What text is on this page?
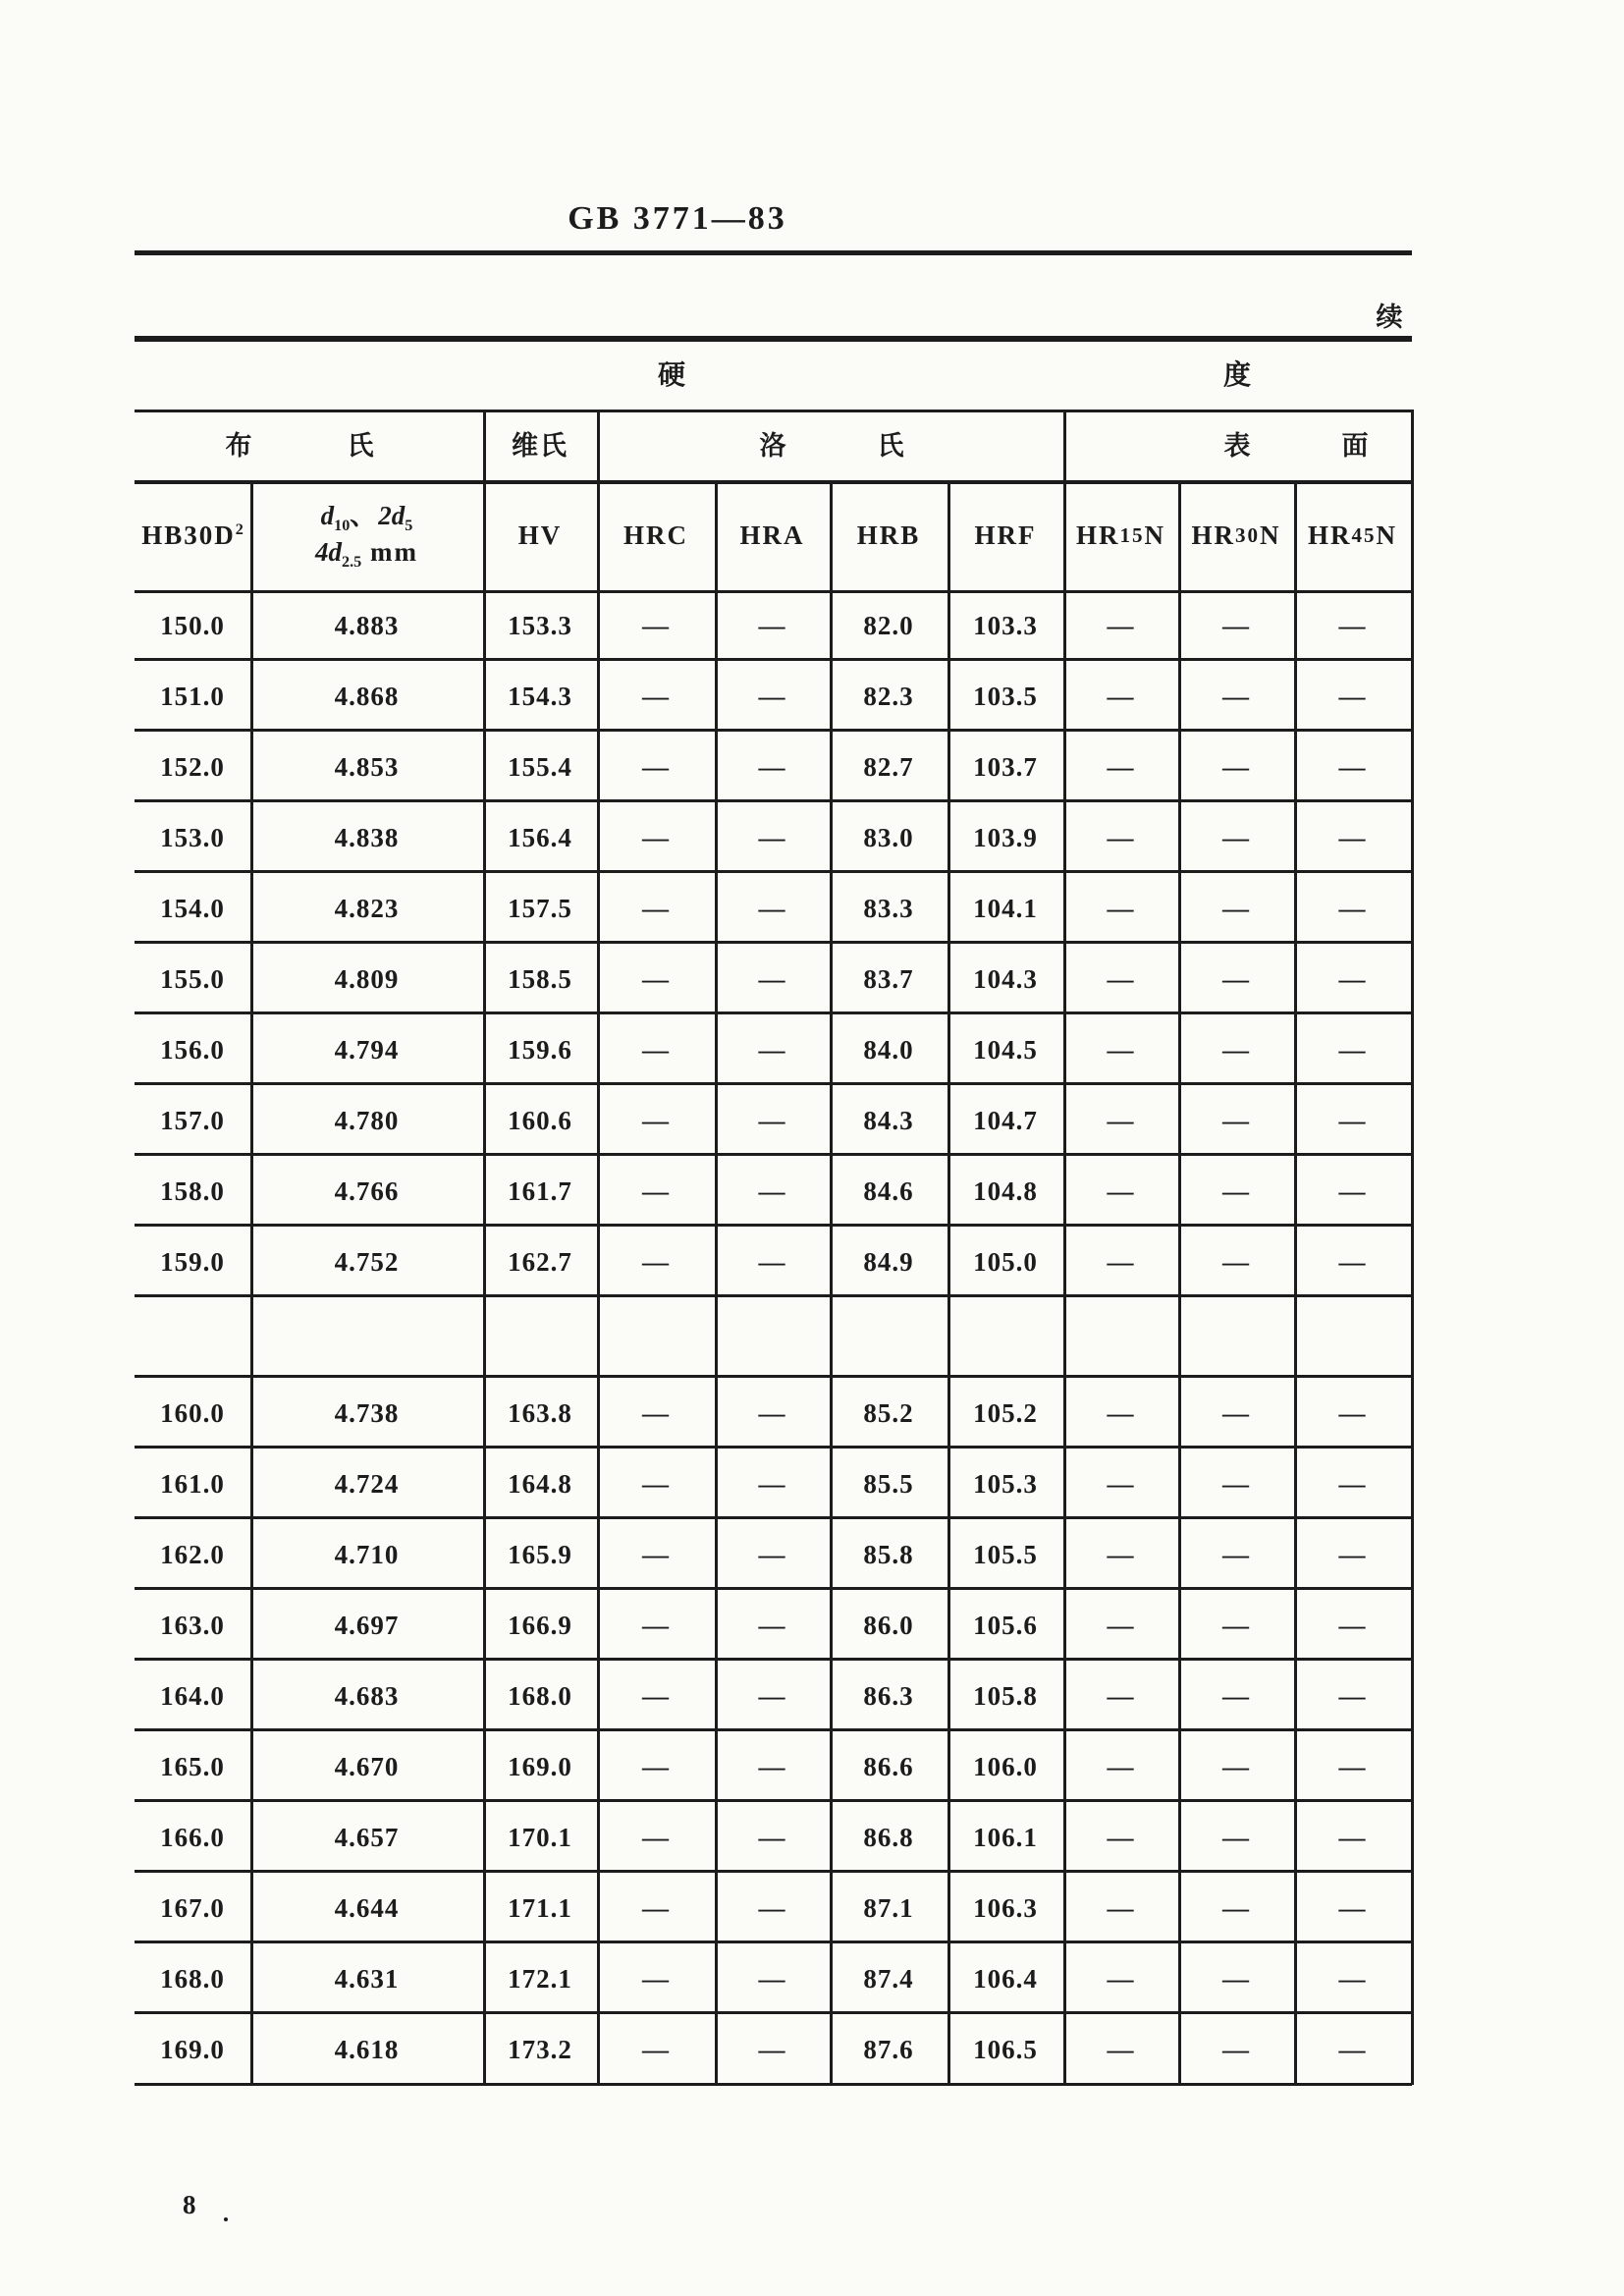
GB 3771—83
续
硬	度
布	氏	维氏	洛	氏	表	面
$HB30D^2$	$d_{10}$、$2d_5$
$4d_{2.5}$ mm
HV HRC HRA HRB HRF HR15N HR30N HR45N
150.0	4.883	153.3	—	—	82.0	103.3	—	—	—
151.0	4.868	154.3	—	—	82.3	103.5	—	—	—
152.0	4.853	155.4	—	—	82.7	103.7	—	—	—
153.0	4.838	156.4	—	—	83.0	103.9	—	—	—
154.0	4.823	157.5	—	—	83.3	104.1	—	—	—
155.0	4.809	158.5	—	—	83.7	104.3	—	—	—
156.0	4.794	159.6	—	—	84.0	104.5	—	—	—
157.0	4.780	160.6	—	—	84.3	104.7	—	—	—
158.0	4.766	161.7	—	—	84.6	104.8	—	—	—
159.0	4.752	162.7	—	—	84.9	105.0	—	—	—
160.0	4.738	163.8	—	—	85.2	105.2	—	—	—
161.0	4.724	164.8	—	—	85.5	105.3	—	—	—
162.0	4.710	165.9	—	—	85.8	105.5	—	—	—
163.0	4.697	166.9	—	—	86.0	105.6	—	—	—
164.0	4.683	168.0	—	—	86.3	105.8	—	—	—
165.0	4.670	169.0	—	—	86.6	106.0	—	—	—
166.0	4.657	170.1	—	—	86.8	106.1	—	—	—
167.0	4.644	171.1	—	—	87.1	106.3	—	—	—
168.0	4.631	172.1	—	—	87.4	106.4	—	—	—
169.0	4.618	173.2	—	—	87.6	106.5	—	—	—
8
